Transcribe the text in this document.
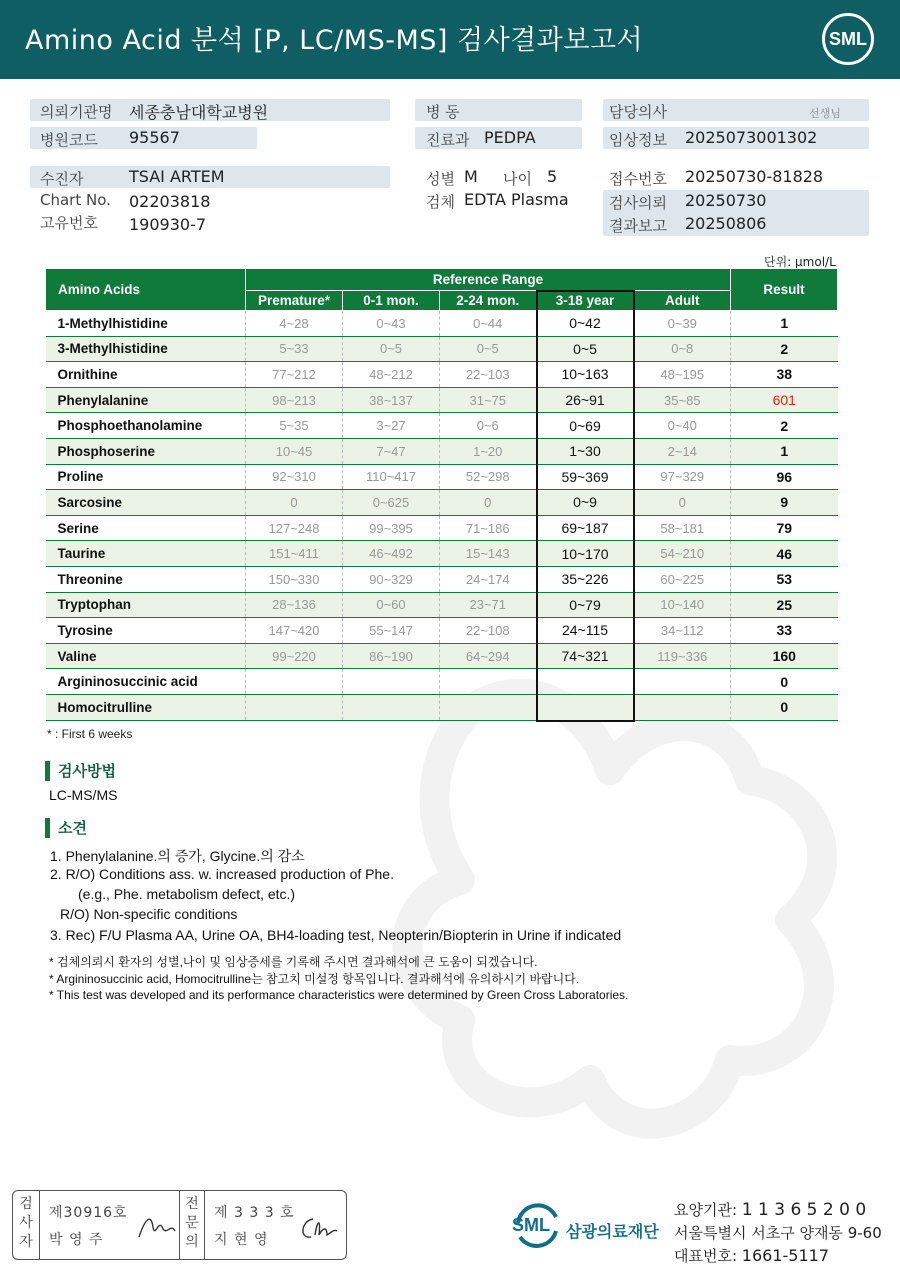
Amino Acid 분석 [P, LC/MS-MS] 검사결과보고서	SML
의뢰기관명 세종충남대학교병원
병원코드 95567
병 동
진료과 PEDPA
담당의사	선생님
임상정보 2025073001302
수진자	TSAI ARTEM
Chart No. 02203818
고유번호 190930-7
성별 M 나이 5
검체 EDTA Plasma
접수번호 20250730-81828
검사의뢰 20250730
결과보고 20250806
단위: μmol/L
Amino Acids	Reference Range					Result
	Premature*	0-1 mon.	2-24 mon.	3-18 year	Adult	
1-Methylhistidine	4~28	0~43	0~44	0~42	0~39	1
3-Methylhistidine	5~33	0~5	0~5	0~5	0~8	2
Ornithine	77~212	48~212	22~103	10~163	48~195	38
Phenylalanine	98~213	38~137	31~75	26~91	35~85	601
Phosphoethanolamine	5~35	3~27	0~6	0~69	0~40	2
Phosphoserine	10~45	7~47	1~20	1~30	2~14	1
Proline	92~310	110~417	52~298	59~369	97~329	96
Sarcosine	0	0~625	0	0~9	0	9
Serine	127~248	99~395	71~186	69~187	58~181	79
Taurine	151~411	46~492	15~143	10~170	54~210	46
Threonine	150~330	90~329	24~174	35~226	60~225	53
Tryptophan	28~136	0~60	23~71	0~79	10~140	25
Tyrosine	147~420	55~147	22~108	24~115	34~112	33
Valine	99~220	86~190	64~294	74~321	119~336	160
Argininosuccinic acid						0
Homocitrulline						0
* : First 6 weeks
검사방법
LC-MS/MS
소견
1. Phenylalanine.의 증가, Glycine.의 감소
2. R/O) Conditions ass. w. increased production of Phe.
(e.g., Phe. metabolism defect, etc.)
R/O) Non-specific conditions
3. Rec) F/U Plasma AA, Urine OA, BH4-loading test, Neopterin/Biopterin in Urine if indicated
* 검체의뢰시 환자의 성별,나이 및 임상증세를 기록해 주시면 결과해석에 큰 도움이 되겠습니다.
* Argininosuccinic acid, Homocitrulline는 참고치 미설정 항목입니다. 결과해석에 유의하시기 바랍니다.
* This test was developed and its performance characteristics were determined by Green Cross Laboratories.
검사자
제30916호
박 영 주
전문의
제 3 3 3 호
지 현 영
SML 삼광의료재단
요양기관: 1 1 3 6 5 2 0 0
서울특별시 서초구 양재동 9-60
대표번호: 1661-5117
